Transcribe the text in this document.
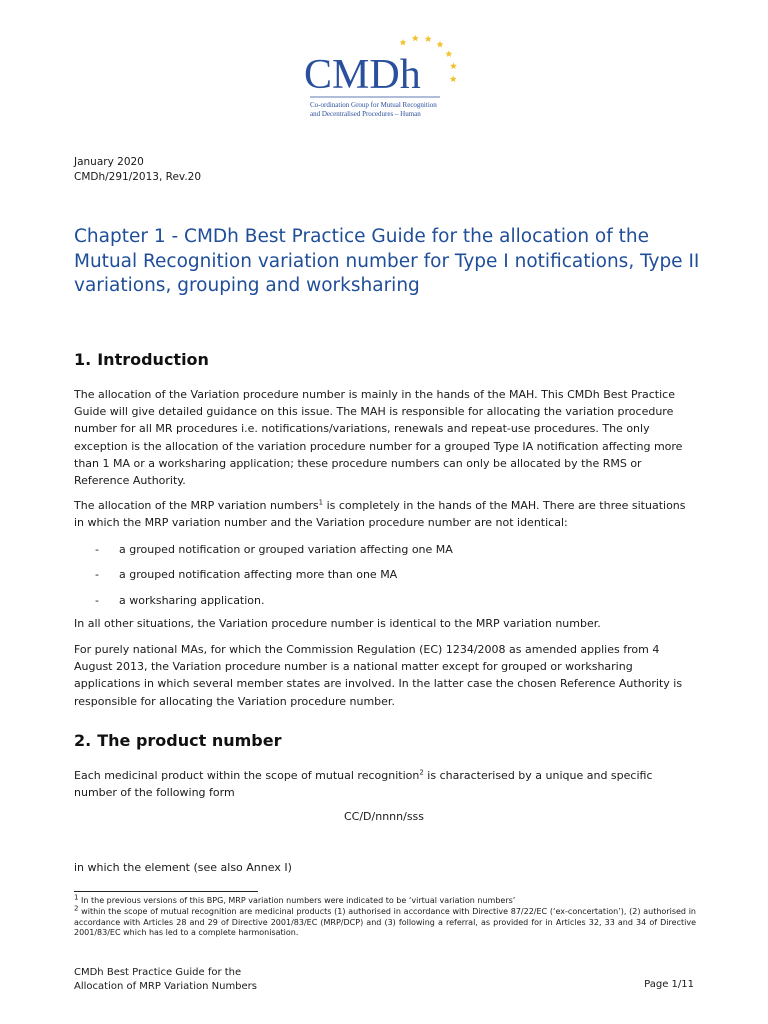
CMDh
Co-ordination Group for Mutual Recognition
and Decentralised Procedures – Human
January 2020
CMDh/291/2013, Rev.20
Chapter 1 - CMDh Best Practice Guide for the allocation of the Mutual Recognition variation number for Type I notifications, Type II variations, grouping and worksharing
1. Introduction

The allocation of the Variation procedure number is mainly in the hands of the MAH. This CMDh Best Practice Guide will give detailed guidance on this issue. The MAH is responsible for allocating the variation procedure number for all MR procedures i.e. notifications/variations, renewals and repeat-use procedures. The only exception is the allocation of the variation procedure number for a grouped Type IA notification affecting more than 1 MA or a worksharing application; these procedure numbers can only be allocated by the RMS or Reference Authority.

The allocation of the MRP variation numbers$^1$ is completely in the hands of the MAH. There are three situations in which the MRP variation number and the Variation procedure number are not identical:

- a grouped notification or grouped variation affecting one MA
- a grouped notification affecting more than one MA
- a worksharing application.

In all other situations, the Variation procedure number is identical to the MRP variation number.

For purely national MAs, for which the Commission Regulation (EC) 1234/2008 as amended applies from 4 August 2013, the Variation procedure number is a national matter except for grouped or worksharing applications in which several member states are involved. In the latter case the chosen Reference Authority is responsible for allocating the Variation procedure number.

2. The product number

Each medicinal product within the scope of mutual recognition$^2$ is characterised by a unique and specific number of the following form

CC/D/nnnn/sss

in which the element (see also Annex I)

$^1$ In the previous versions of this BPG, MRP variation numbers were indicated to be ‘virtual variation numbers’

$^2$ within the scope of mutual recognition are medicinal products (1) authorised in accordance with Directive 87/22/EC (‘ex-concertation’), (2) authorised in accordance with Articles 28 and 29 of Directive 2001/83/EC (MRP/DCP) and (3) following a referral, as provided for in Articles 32, 33 and 34 of Directive 2001/83/EC which has led to a complete harmonisation.

CMDh Best Practice Guide for the
Allocation of MRP Variation Numbers	Page 1/11
